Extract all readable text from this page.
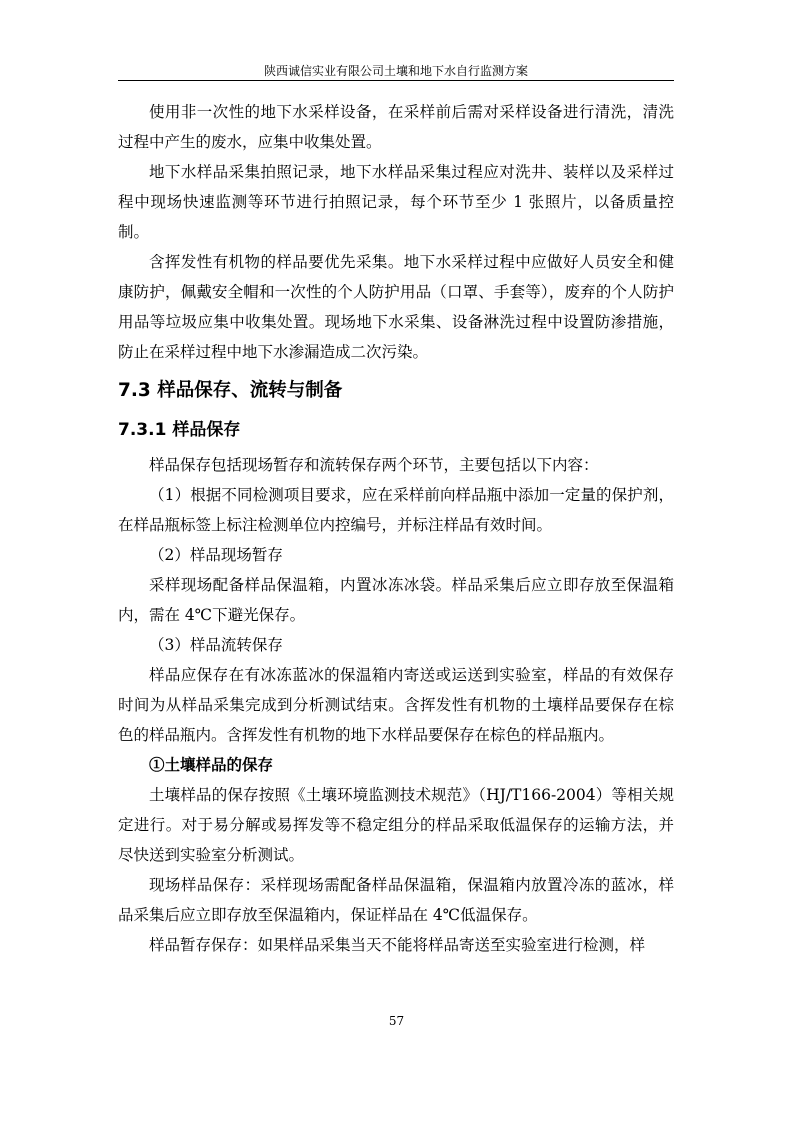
陕西诚信实业有限公司土壤和地下水自行监测方案

使用非一次性的地下水采样设备，在采样前后需对采样设备进行清洗，清洗过程中产生的废水，应集中收集处置。

地下水样品采集拍照记录，地下水样品采集过程应对洗井、装样以及采样过程中现场快速监测等环节进行拍照记录，每个环节至少 1 张照片，以备质量控制。

含挥发性有机物的样品要优先采集。地下水采样过程中应做好人员安全和健康防护，佩戴安全帽和一次性的个人防护用品（口罩、手套等），废弃的个人防护用品等垃圾应集中收集处置。现场地下水采集、设备淋洗过程中设置防渗措施，防止在采样过程中地下水渗漏造成二次污染。

7.3 样品保存、流转与制备
7.3.1 样品保存

样品保存包括现场暂存和流转保存两个环节，主要包括以下内容：

（1）根据不同检测项目要求，应在采样前向样品瓶中添加一定量的保护剂，在样品瓶标签上标注检测单位内控编号，并标注样品有效时间。

（2）样品现场暂存

采样现场配备样品保温箱，内置冰冻冰袋。样品采集后应立即存放至保温箱内，需在 4℃下避光保存。

（3）样品流转保存

样品应保存在有冰冻蓝冰的保温箱内寄送或运送到实验室，样品的有效保存时间为从样品采集完成到分析测试结束。含挥发性有机物的土壤样品要保存在棕色的样品瓶内。含挥发性有机物的地下水样品要保存在棕色的样品瓶内。

①土壤样品的保存

土壤样品的保存按照《土壤环境监测技术规范》（HJ/T166-2004）等相关规定进行。对于易分解或易挥发等不稳定组分的样品采取低温保存的运输方法，并尽快送到实验室分析测试。

现场样品保存：采样现场需配备样品保温箱，保温箱内放置冷冻的蓝冰，样品采集后应立即存放至保温箱内，保证样品在 4℃低温保存。

样品暂存保存：如果样品采集当天不能将样品寄送至实验室进行检测，样

57
